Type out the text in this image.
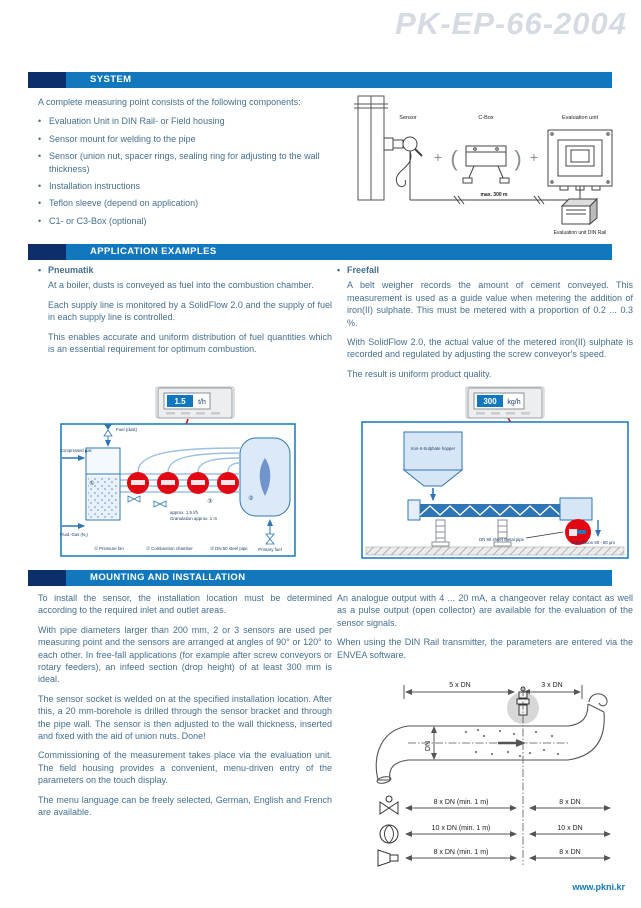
PK-EP-66-2004
SYSTEM

A complete measuring point consists of the following components:

• Evaluation Unit in DIN Rail- or Field housing
• Sensor mount for welding to the pipe
• Sensor (union nut, spacer rings, sealing ring for adjusting to the wall thickness)
• Installation instructions
• Teflon sleeve (depend on application)
• C1- or C3-Box (optional)
Sensor
+ (
C-Box
) +
Evaluation unit
max. 300 m
Evaluation unit DIN Rail
APPLICATION EXAMPLES
• Pneumatik

At a boiler, dusts is conveyed as fuel into the combustion chamber.

Each supply line is monitored by a SolidFlow 2.0 and the supply of fuel in each supply line is controlled.

This enables accurate and uniform distribution of fuel quantities which is an essential requirement for optimum combustion.

• Freefall

A belt weigher records the amount of cement conveyed. This measurement is used as a guide value when metering the addition of iron(II) sulphate. This must be metered with a proportion of 0.2 ... 0.3 %.

With SolidFlow 2.0, the actual value of the metered iron(II) sulphate is recorded and regulated by adjusting the screw conveyor's speed.

The result is uniform product quality.

1.5 t/h
Fuel (dust)
Compressed gas
Fluid.-Gas (N₂)
①
②
③
approx. 1.5 t/h
Granulation approx. 1 m
Primary fuel
① Pressure bin	② Combustion chamber	③ DN 50 steel pipe
300 kg/h
Iron-II-Sulphate hopper
DN 80 sheet metal pipe
Granulation 60 - 80 µm
MOUNTING AND INSTALLATION

To install the sensor, the installation location must be determined according to the required inlet and outlet areas.

With pipe diameters larger than 200 mm, 2 or 3 sensors are used per measuring point and the sensors are arranged at angles of 90° or 120° to each other. In free-fall applications (for example after screw conveyors or rotary feeders), an infeed section (drop height) of at least 300 mm is ideal.

The sensor socket is welded on at the specified installation location. After this, a 20 mm-borehole is drilled through the sensor bracket and through the pipe wall. The sensor is then adjusted to the wall thickness, inserted and fixed with the aid of union nuts. Done!

Commissioning of the measurement takes place via the evaluation unit. The field housing provides a convenient, menu-driven entry of the parameters on the touch display.

The menu language can be freely selected, German, English and French are available.

An analogue output with 4 ... 20 mA, a changeover relay contact as well as a pulse output (open collector) are available for the evaluation of the sensor signals.

When using the DIN Rail transmitter, the parameters are entered via the ENVEA software.

5 x DN	3 x DN
DN
8 x DN (min. 1 m)	8 x DN
10 x DN (min. 1 m)	10 x DN
8 x DN (min. 1 m)	8 x DN
www.pkni.kr
